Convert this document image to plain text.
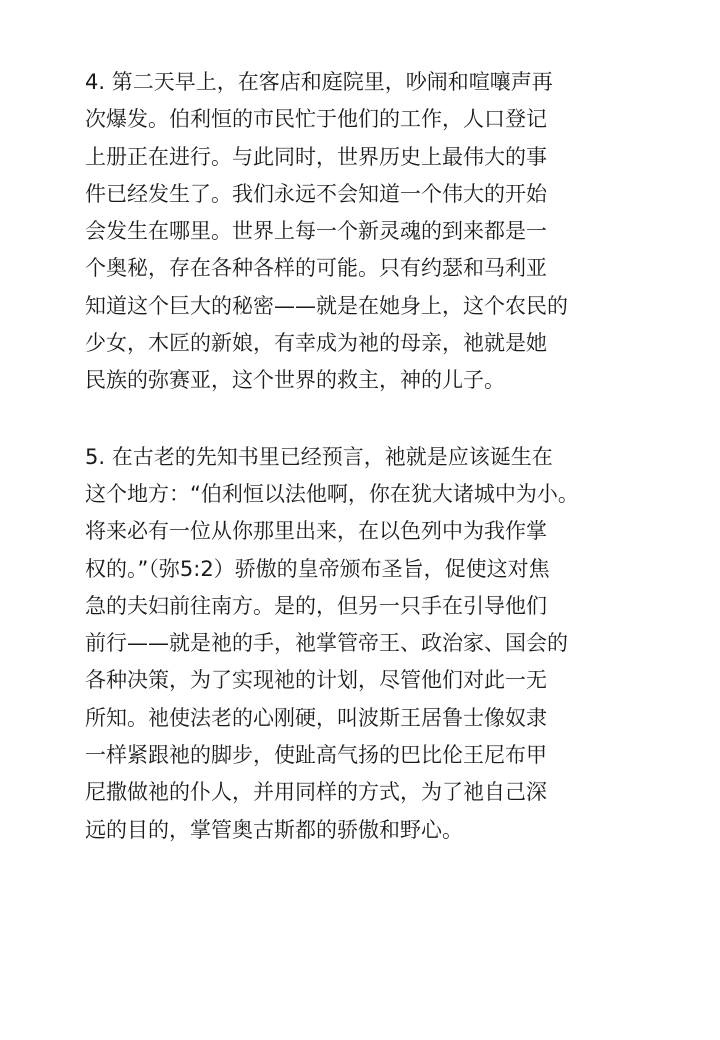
4. 第二天早上，在客店和庭院里，吵闹和喧嚷声再
次爆发。伯利恒的市民忙于他们的工作，人口登记
上册正在进行。与此同时，世界历史上最伟大的事
件已经发生了。我们永远不会知道一个伟大的开始
会发生在哪里。世界上每一个新灵魂的到来都是一
个奥秘，存在各种各样的可能。只有约瑟和马利亚
知道这个巨大的秘密——就是在她身上，这个农民的
少女，木匠的新娘，有幸成为祂的母亲，祂就是她
民族的弥赛亚，这个世界的救主，神的儿子。
5. 在古老的先知书里已经预言，祂就是应该诞生在
这个地方：“伯利恒以法他啊，你在犹大诸城中为小。
将来必有一位从你那里出来，在以色列中为我作掌
权的。”（弥5:2）骄傲的皇帝颁布圣旨，促使这对焦
急的夫妇前往南方。是的，但另一只手在引导他们
前行——就是祂的手，祂掌管帝王、政治家、国会的
各种决策，为了实现祂的计划，尽管他们对此一无
所知。祂使法老的心刚硬，叫波斯王居鲁士像奴隶
一样紧跟祂的脚步，使趾高气扬的巴比伦王尼布甲
尼撒做祂的仆人，并用同样的方式，为了祂自己深
远的目的，掌管奥古斯都的骄傲和野心。
